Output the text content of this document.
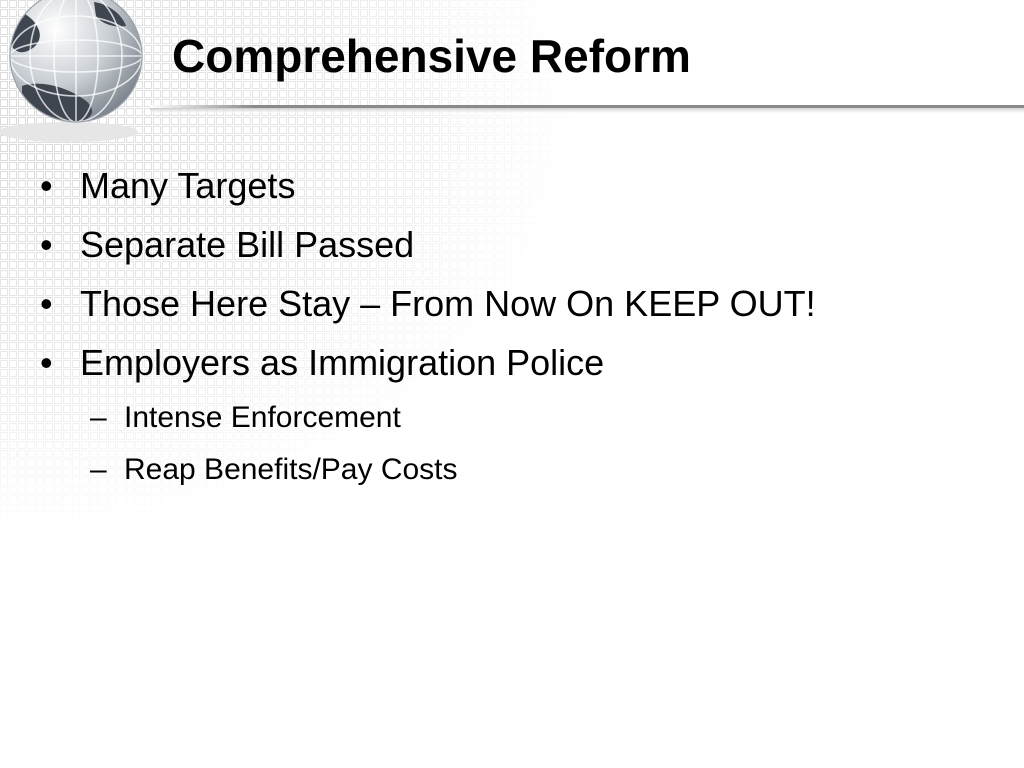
Comprehensive Reform
• Many Targets
• Separate Bill Passed
• Those Here Stay – From Now On KEEP OUT!
• Employers as Immigration Police
– Intense Enforcement
– Reap Benefits/Pay Costs
